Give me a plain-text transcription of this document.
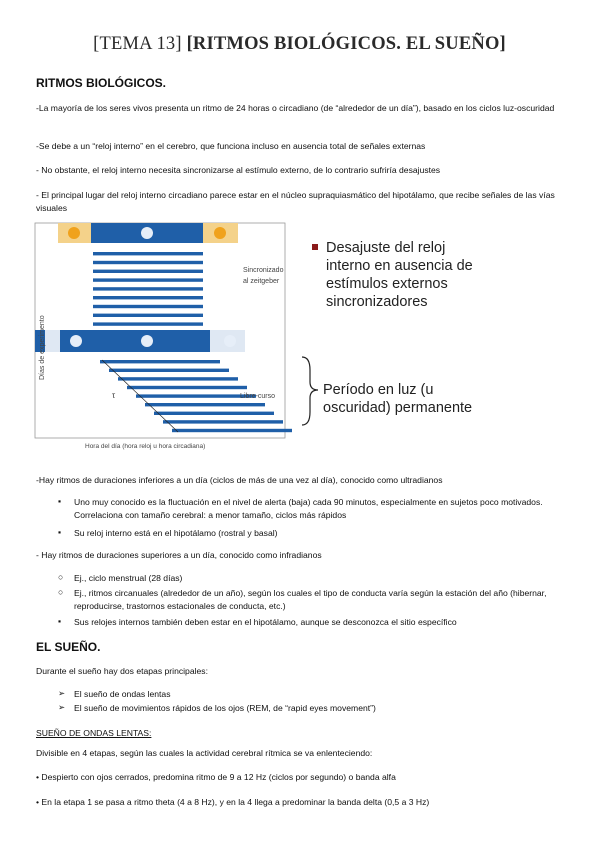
[TEMA 13] [RITMOS BIOLÓGICOS. EL SUEÑO]
RITMOS BIOLÓGICOS.
-La mayoría de los seres vivos presenta un ritmo de 24 horas o circadiano (de “alrededor de un día”), basado en los ciclos luz-oscuridad
-Se debe a un “reloj interno” en el cerebro, que funciona incluso en ausencia total de señales externas
- No obstante, el reloj interno necesita sincronizarse al estímulo externo, de lo contrario sufriría desajustes
- El principal lugar del reloj interno circadiano parece estar en el núcleo supraquiasmático del hipotálamo, que recibe señales de las vías visuales
τ
Días de experimento
Hora del día (hora reloj u hora circadiana)
Sincronizado
al zeitgeber
Libre-curso
Desajuste del reloj interno en ausencia de estímulos externos sincronizadores
Período en luz (u oscuridad) permanente
-Hay ritmos de duraciones inferiores a un día (ciclos de más de una vez al día), conocido como ultradianos
▪ Uno muy conocido es la fluctuación en el nivel de alerta (baja) cada 90 minutos, especialmente en sujetos poco motivados. Correlaciona con tamaño cerebral: a menor tamaño, ciclos más rápidos
▪ Su reloj interno está en el hipotálamo (rostral y basal)
- Hay ritmos de duraciones superiores a un día, conocido como infradianos
○ Ej., ciclo menstrual (28 días)
○ Ej., ritmos circanuales (alrededor de un año), según los cuales el tipo de conducta varía según la estación del año (hibernar, reproducirse, trastornos estacionales de conducta, etc.)
▪ Sus relojes internos también deben estar en el hipotálamo, aunque se desconozca el sitio específico
EL SUEÑO.
Durante el sueño hay dos etapas principales:
➢ El sueño de ondas lentas
➢ El sueño de movimientos rápidos de los ojos (REM, de “rapid eyes movement”)
SUEÑO DE ONDAS LENTAS:
Divisible en 4 etapas, según las cuales la actividad cerebral rítmica se va enlenteciendo:
• Despierto con ojos cerrados, predomina ritmo de 9 a 12 Hz (ciclos por segundo) o banda alfa
• En la etapa 1 se pasa a ritmo theta (4 a 8 Hz), y en la 4 llega a predominar la banda delta (0,5 a 3 Hz)
